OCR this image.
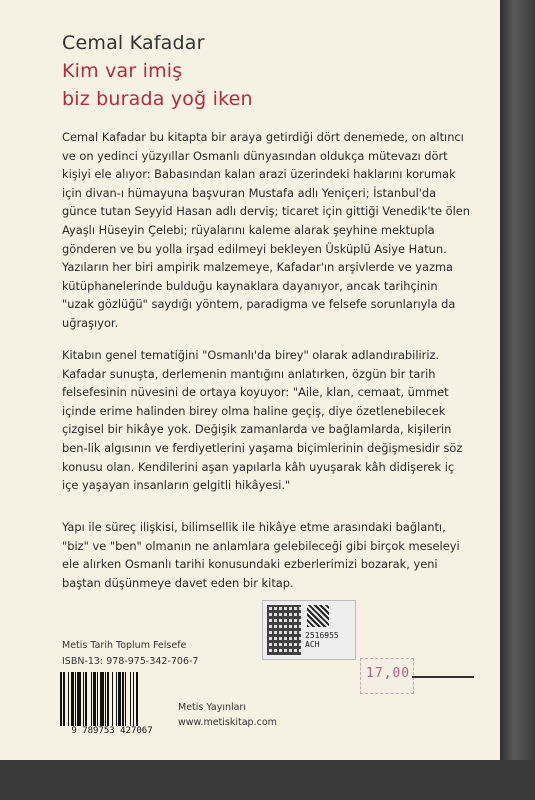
Cemal Kafadar
Kim var imiş
biz burada yoğ iken
Cemal Kafadar bu kitapta bir araya getirdiği dört denemede, on altıncı ve on yedinci yüzyıllar Osmanlı dünyasından oldukça mütevazı dört kişiyi ele alıyor: Babasından kalan arazi üzerindeki haklarını korumak için divan-ı hümayuna başvuran Mustafa adlı Yeniçeri; İstanbul'da günce tutan Seyyid Hasan adlı derviş; ticaret için gittiği Venedik'te ölen Ayaşlı Hüseyin Çelebi; rüyalarını kaleme alarak şeyhine mektupla gönderen ve bu yolla irşad edilmeyi bekleyen Üsküplü Asiye Hatun. Yazıların her biri ampirik malzemeye, Kafadar'ın arşivlerde ve yazma kütüphanelerinde bulduğu kaynaklara dayanıyor, ancak tarihçinin "uzak gözlüğü" saydığı yöntem, paradigma ve felsefe sorunlarıyla da uğraşıyor.
Kitabın genel tematiğini "Osmanlı'da birey" olarak adlandırabiliriz. Kafadar sunuşta, derlemenin mantığını anlatırken, özgün bir tarih felsefesinin nüvesini de ortaya koyuyor: "Aile, klan, cemaat, ümmet içinde erime halinden birey olma haline geçiş, diye özetlenebilecek çizgisel bir hikâye yok. Değişik zamanlarda ve bağlamlarda, kişilerin ben-lik algısının ve ferdiyetlerini yaşama biçimlerinin değişmesidir söz konusu olan. Kendilerini aşan yapılarla kâh uyuşarak kâh didişerek iç içe yaşayan insanların gelgitli hikâyesi."
Yapı ile süreç ilişkisi, bilimsellik ile hikâye etme arasındaki bağlantı, "biz" ve "ben" olmanın ne anlamlara gelebileceği gibi birçok meseleyi ele alırken Osmanlı tarihi konusundaki ezberlerimizi bozarak, yeni baştan düşünmeye davet eden bir kitap.
2516955
ACH
17,00
Metis Tarih Toplum Felsefe
ISBN-13: 978-975-342-706-7
9 789753 427067
Metis Yayınları
www.metiskitap.com
